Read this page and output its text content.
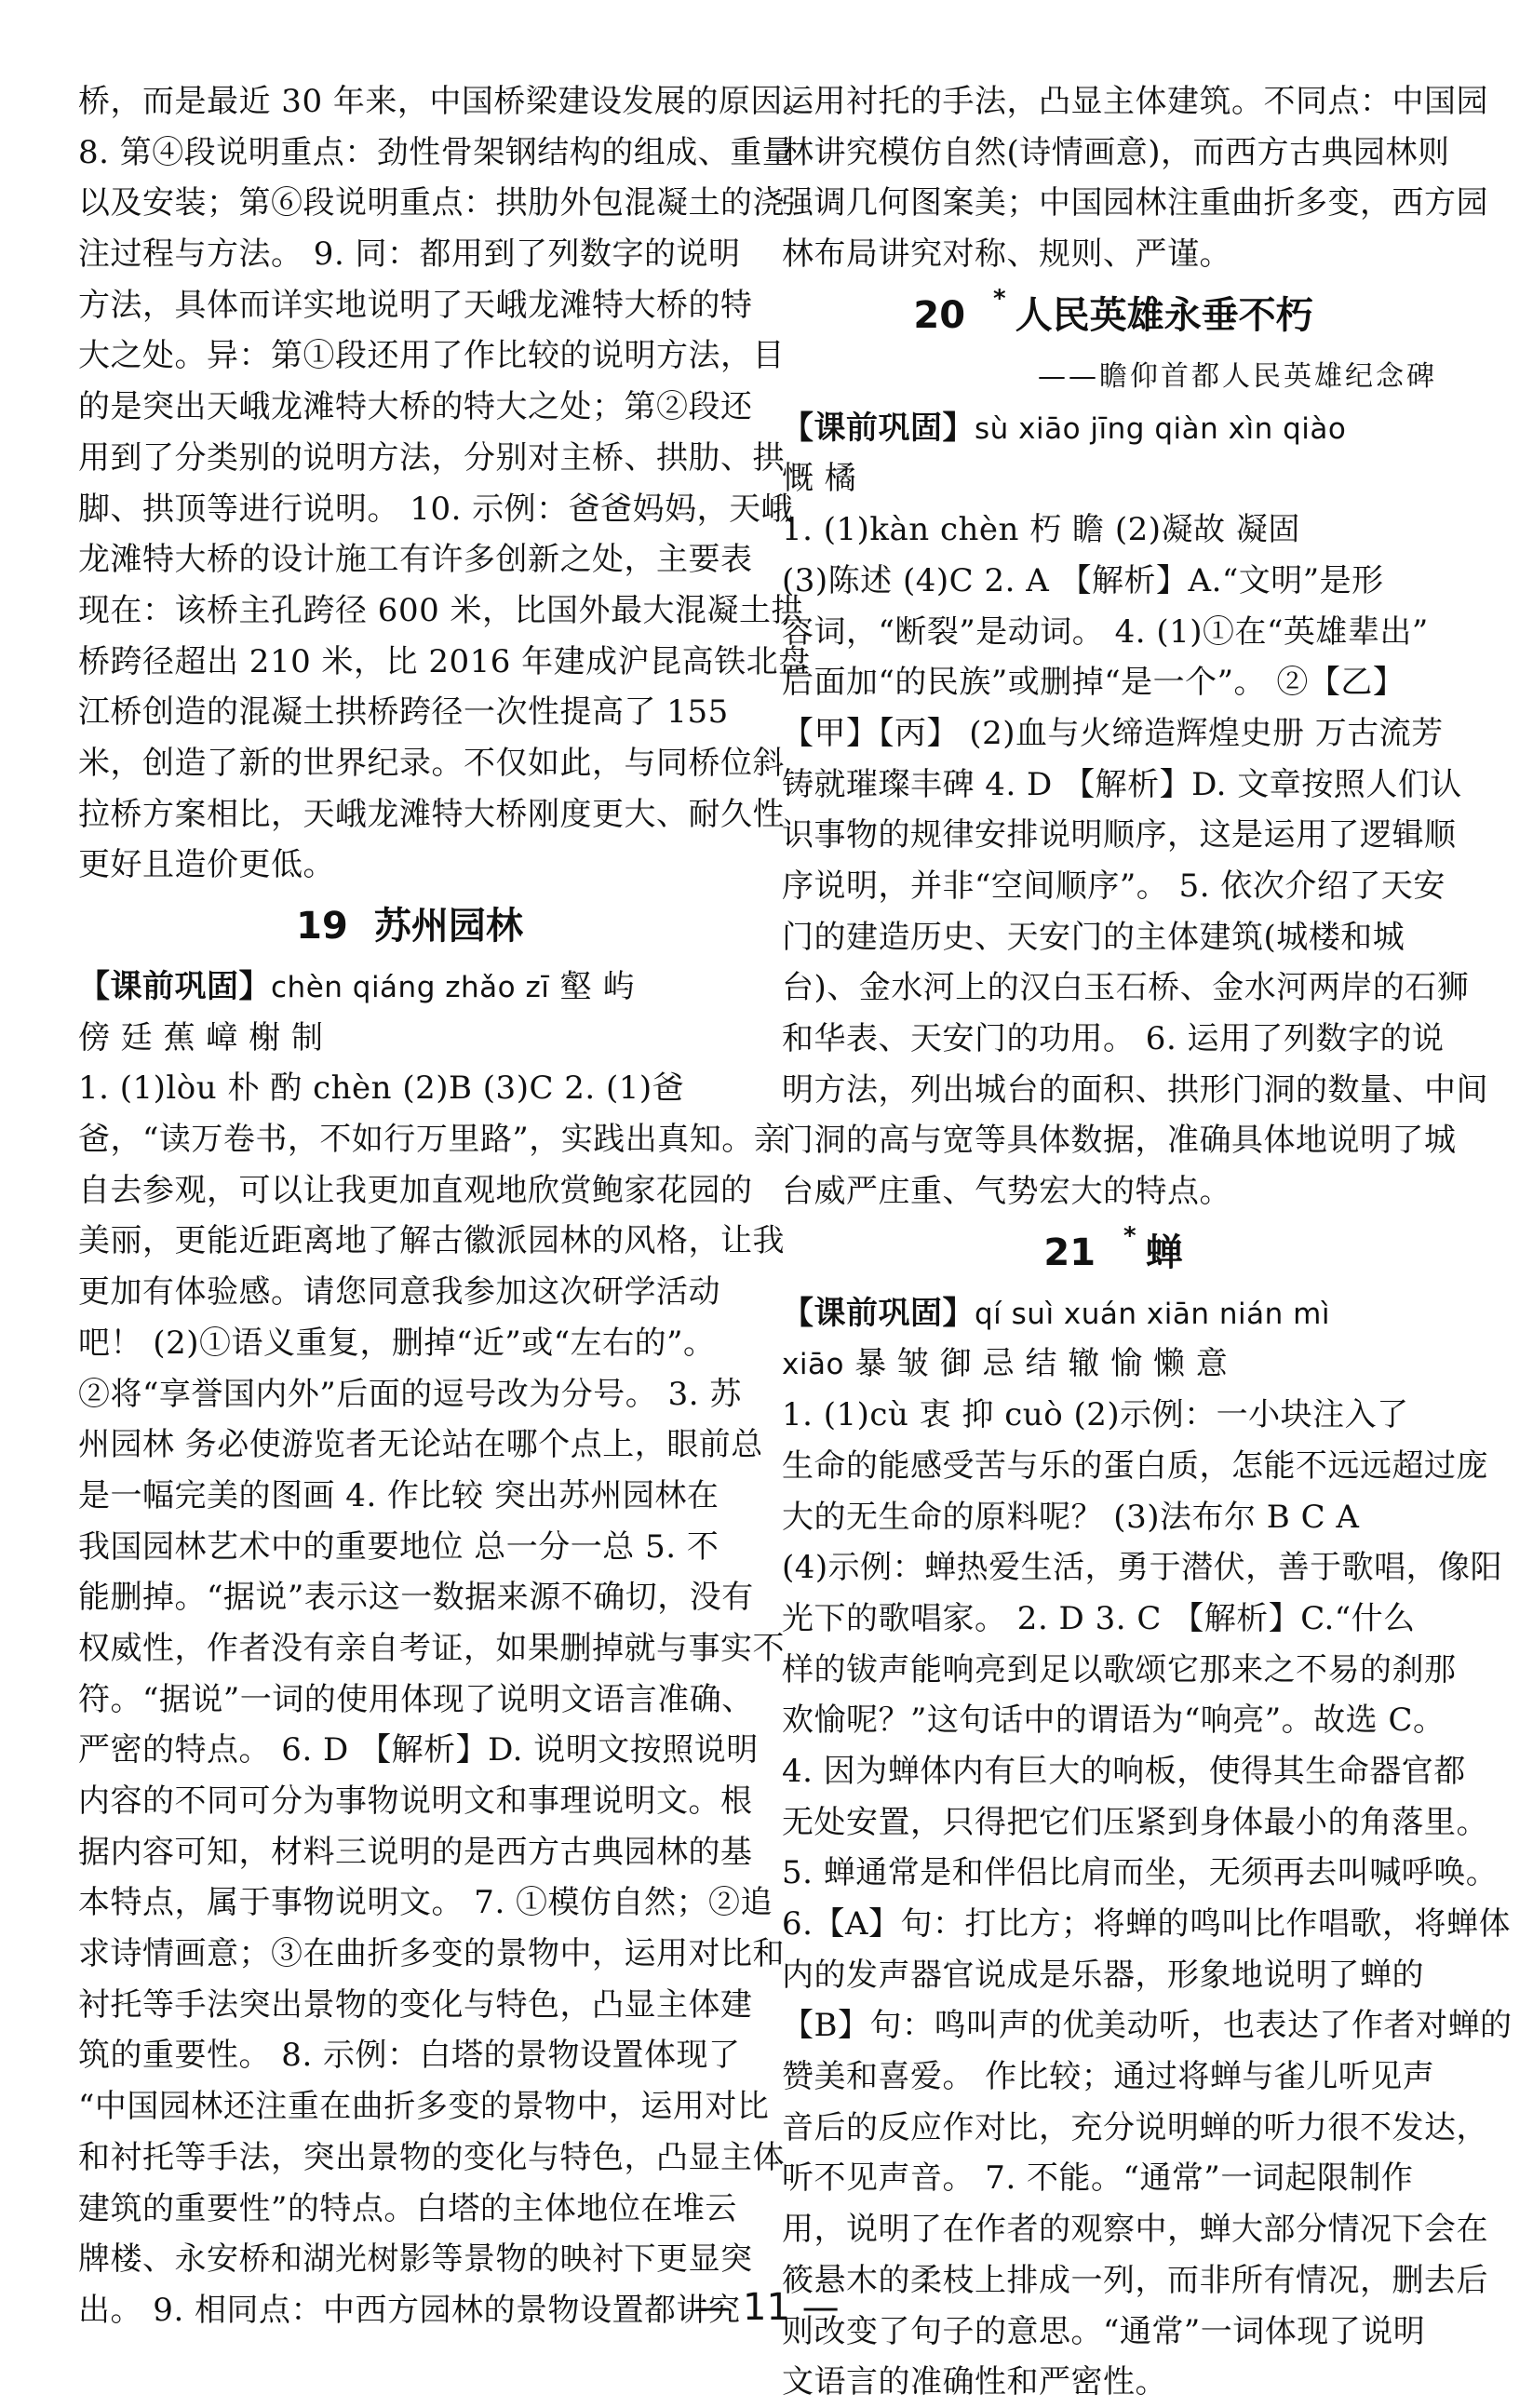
桥，而是最近 30 年来，中国桥梁建设发展的原因。
8. 第④段说明重点：劲性骨架钢结构的组成、重量
以及安装；第⑥段说明重点：拱肋外包混凝土的浇
注过程与方法。 9. 同：都用到了列数字的说明
方法，具体而详实地说明了天峨龙滩特大桥的特
大之处。异：第①段还用了作比较的说明方法，目
的是突出天峨龙滩特大桥的特大之处；第②段还
用到了分类别的说明方法，分别对主桥、拱肋、拱
脚、拱顶等进行说明。 10. 示例：爸爸妈妈，天峨
龙滩特大桥的设计施工有许多创新之处，主要表
现在：该桥主孔跨径 600 米，比国外最大混凝土拱
桥跨径超出 210 米，比 2016 年建成沪昆高铁北盘
江桥创造的混凝土拱桥跨径一次性提高了 155
米，创造了新的世界纪录。不仅如此，与同桥位斜
拉桥方案相比，天峨龙滩特大桥刚度更大、耐久性
更好且造价更低。
19 苏州园林
【课前巩固】chèn qiáng zhǎo zī 壑 屿
傍 廷 蕉 嶂 榭 制
1. (1)lòu 朴 酌 chèn (2)B (3)C 2. (1)爸
爸，“读万卷书，不如行万里路”，实践出真知。亲
自去参观，可以让我更加直观地欣赏鲍家花园的
美丽，更能近距离地了解古徽派园林的风格，让我
更加有体验感。请您同意我参加这次研学活动
吧！ (2)①语义重复，删掉“近”或“左右的”。
②将“享誉国内外”后面的逗号改为分号。 3. 苏
州园林 务必使游览者无论站在哪个点上，眼前总
是一幅完美的图画 4. 作比较 突出苏州园林在
我国园林艺术中的重要地位 总一分一总 5. 不
能删掉。“据说”表示这一数据来源不确切，没有
权威性，作者没有亲自考证，如果删掉就与事实不
符。“据说”一词的使用体现了说明文语言准确、
严密的特点。 6. D 【解析】D. 说明文按照说明
内容的不同可分为事物说明文和事理说明文。根
据内容可知，材料三说明的是西方古典园林的基
本特点，属于事物说明文。 7. ①模仿自然；②追
求诗情画意；③在曲折多变的景物中，运用对比和
衬托等手法突出景物的变化与特色，凸显主体建
筑的重要性。 8. 示例：白塔的景物设置体现了
“中国园林还注重在曲折多变的景物中，运用对比
和衬托等手法，突出景物的变化与特色，凸显主体
建筑的重要性”的特点。白塔的主体地位在堆云
牌楼、永安桥和湖光树影等景物的映衬下更显突
出。 9. 相同点：中西方园林的景物设置都讲究
运用衬托的手法，凸显主体建筑。不同点：中国园
林讲究模仿自然(诗情画意)，而西方古典园林则
强调几何图案美；中国园林注重曲折多变，西方园
林布局讲究对称、规则、严谨。
20 * 人民英雄永垂不朽
——瞻仰首都人民英雄纪念碑
【课前巩固】sù xiāo jīng qiàn xìn qiào
慨 橘
1. (1)kàn chèn 朽 瞻 (2)凝故 凝固
(3)陈述 (4)C 2. A 【解析】A.“文明”是形
容词，“断裂”是动词。 4. (1)①在“英雄辈出”
后面加“的民族”或删掉“是一个”。 ②【乙】
【甲】【丙】 (2)血与火缔造辉煌史册 万古流芳
铸就璀璨丰碑 4. D 【解析】D. 文章按照人们认
识事物的规律安排说明顺序，这是运用了逻辑顺
序说明，并非“空间顺序”。 5. 依次介绍了天安
门的建造历史、天安门的主体建筑(城楼和城
台)、金水河上的汉白玉石桥、金水河两岸的石狮
和华表、天安门的功用。 6. 运用了列数字的说
明方法，列出城台的面积、拱形门洞的数量、中间
门洞的高与宽等具体数据，准确具体地说明了城
台威严庄重、气势宏大的特点。
21 * 蝉
【课前巩固】qí suì xuán xiān nián mì
xiāo 暴 皱 御 忌 结 辙 愉 懒 意
1. (1)cù 衷 抑 cuò (2)示例：一小块注入了
生命的能感受苦与乐的蛋白质，怎能不远远超过庞
大的无生命的原料呢？ (3)法布尔 B C A
(4)示例：蝉热爱生活，勇于潜伏，善于歌唱，像阳
光下的歌唱家。 2. D 3. C 【解析】C.“什么
样的钹声能响亮到足以歌颂它那来之不易的刹那
欢愉呢？”这句话中的谓语为“响亮”。故选 C。
4. 因为蝉体内有巨大的响板，使得其生命器官都
无处安置，只得把它们压紧到身体最小的角落里。
5. 蝉通常是和伴侣比肩而坐，无须再去叫喊呼唤。
6.【A】句：打比方；将蝉的鸣叫比作唱歌，将蝉体
内的发声器官说成是乐器，形象地说明了蝉的
【B】句：鸣叫声的优美动听，也表达了作者对蝉的
赞美和喜爱。 作比较；通过将蝉与雀儿听见声
音后的反应作对比，充分说明蝉的听力很不发达，
听不见声音。 7. 不能。“通常”一词起限制作
用，说明了在作者的观察中，蝉大部分情况下会在
筱悬木的柔枝上排成一列，而非所有情况，删去后
则改变了句子的意思。“通常”一词体现了说明
文语言的准确性和严密性。
— 11 —
